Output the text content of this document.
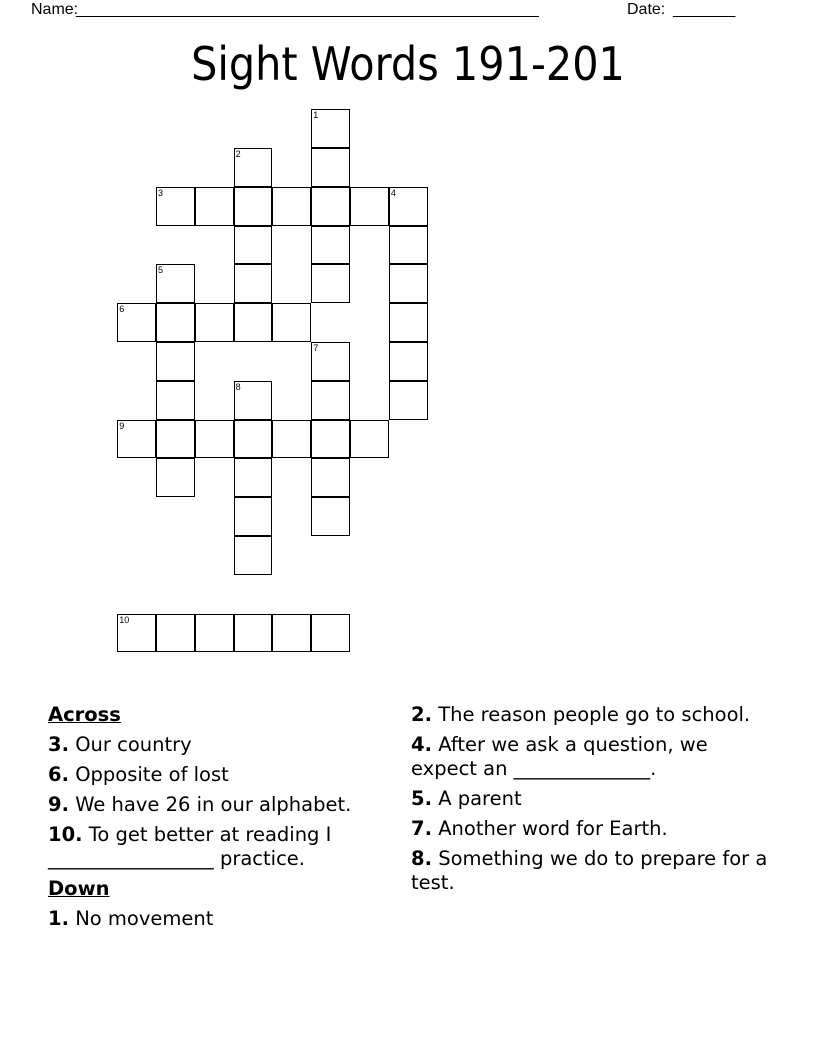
Name:
____________________________________________________	Date: _______
Sight Words 191-201
1
2
3	4
5
6
7
8
9
10
Across
3. Our country
6. Opposite of lost
9. We have 26 in our alphabet.
10. To get better at reading I _________________ practice.
Down
1. No movement
2. The reason people go to school.
4. After we ask a question, we expect an ______________.
5. A parent
7. Another word for Earth.
8. Something we do to prepare for a test.
